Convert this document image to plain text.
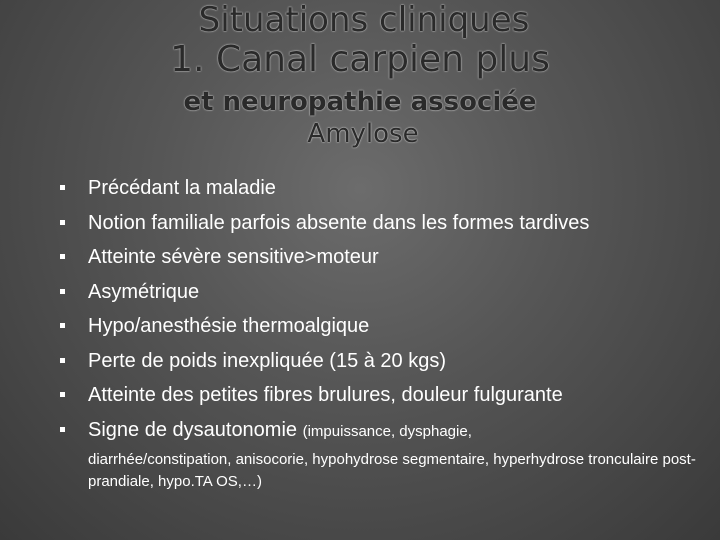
Situations cliniques
1. Canal carpien plus
et neuropathie associée
Amylose
Précédant la maladie
Notion familiale parfois absente dans les formes tardives
Atteinte sévère sensitive>moteur
Asymétrique
Hypo/anesthésie thermoalgique
Perte de poids inexpliquée (15 à 20 kgs)
Atteinte des petites fibres brulures, douleur fulgurante
Signe de dysautonomie (impuissance, dysphagie,
diarrhée/constipation, anisocorie, hypohydrose segmentaire, hyperhydrose tronculaire post-prandiale, hypo.TA OS,…)
